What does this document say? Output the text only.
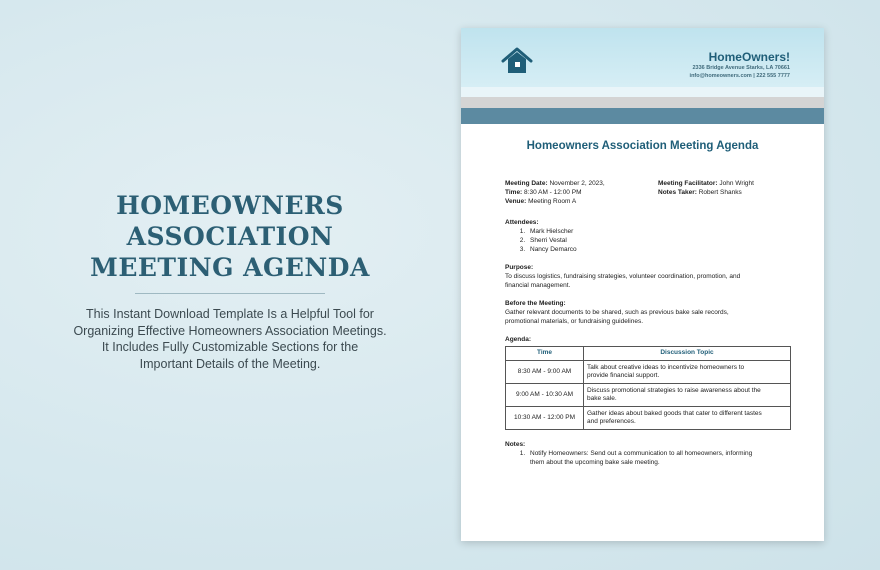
HOMEOWNERS ASSOCIATION
MEETING AGENDA

This Instant Download Template Is a Helpful Tool for
Organizing Effective Homeowners Association Meetings.
It Includes Fully Customizable Sections for the
Important Details of the Meeting.

HomeOwners!
2336 Bridge Avenue Starks, LA 70661
info@homeowners.com | 222 555 7777
Homeowners Association Meeting Agenda
Meeting Date: November 2, 2023,
Time: 8:30 AM - 12:00 PM
Venue: Meeting Room A
Meeting Facilitator: John Wright
Notes Taker: Robert Shanks
Attendees:
1. Mark Hielscher
2. Sherri Vestal
3. Nancy Demarco
Purpose:

To discuss logistics, fundraising strategies, volunteer coordination, promotion, and
financial management.

Before the Meeting:

Gather relevant documents to be shared, such as previous bake sale records,
promotional materials, or fundraising guidelines.

Agenda:
Time	Discussion Topic
8:30 AM - 9:00 AM	Talk about creative ideas to incentivize homeowners to
provide financial support.
9:00 AM - 10:30 AM	Discuss promotional strategies to raise awareness about the
bake sale.
10:30 AM - 12:00 PM	Gather ideas about baked goods that cater to different tastes
and preferences.
Notes:
1. Notify Homeowners: Send out a communication to all homeowners, informing
them about the upcoming bake sale meeting.
